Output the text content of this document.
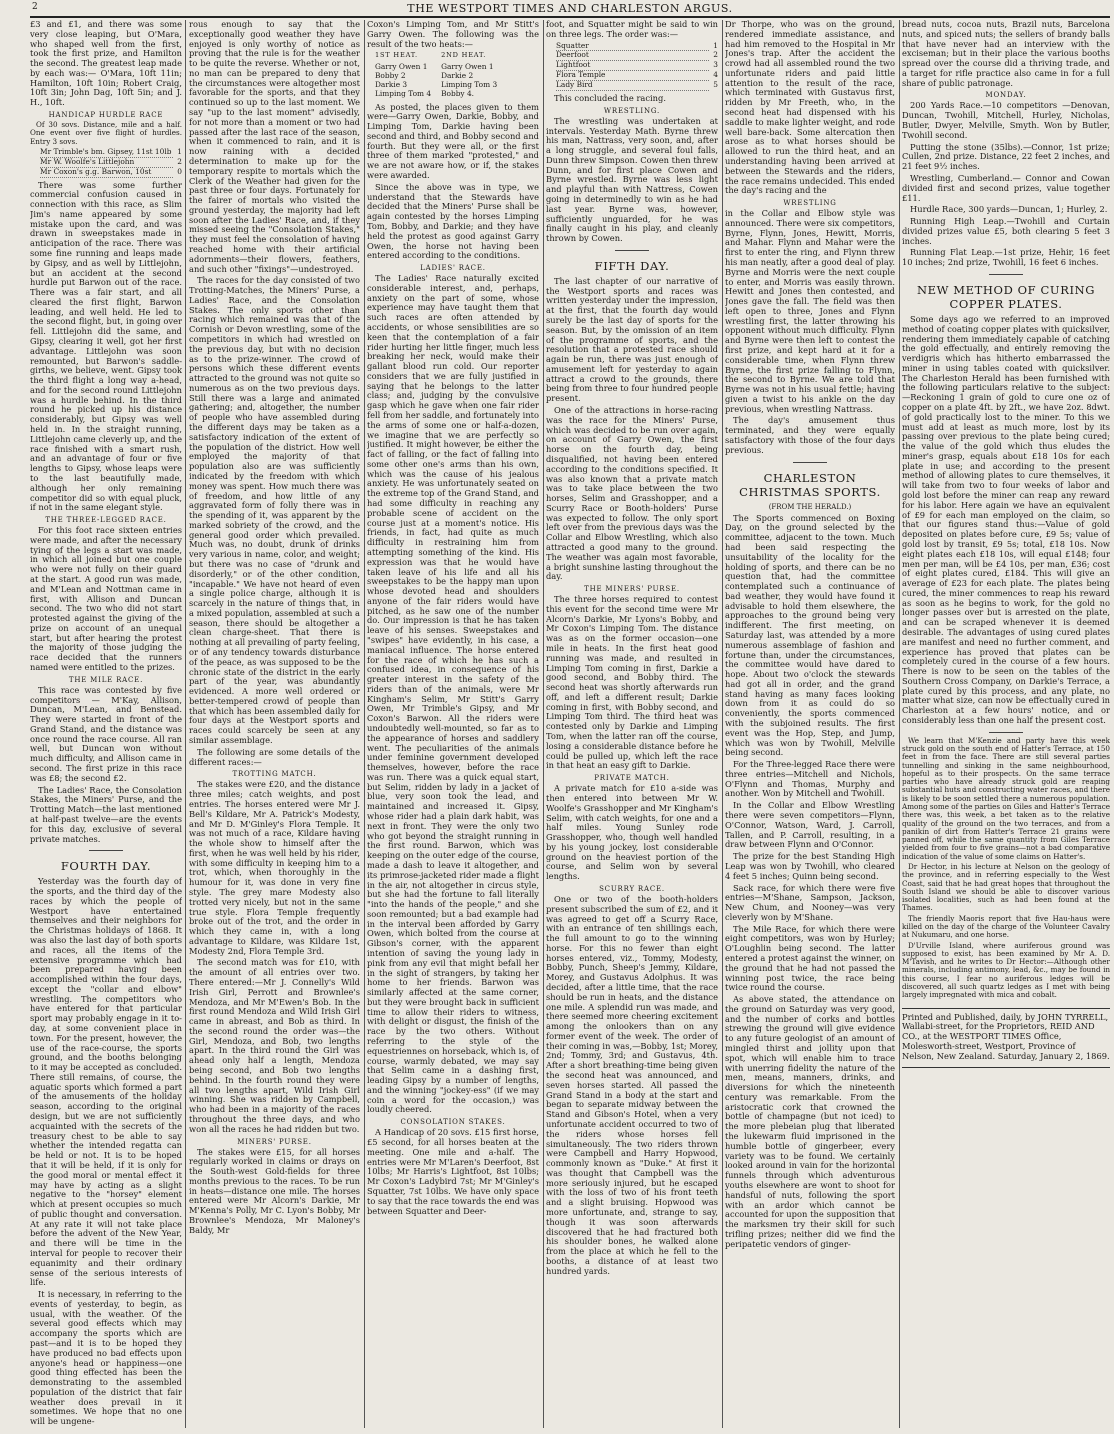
2	THE WESTPORT TIMES AND CHARLESTON ARGUS.

£3 and £1, and there was some very close leaping, but O'Mara, who shaped well from the first, took the first prize, and Hamilton the second. The greatest leap made by each was:— O'Mara, 10ft 11in; Hamilton, 10ft 10in; Robert Craig, 10ft 3in; John Dag, 10ft 5in; and J. H., 10ft.

HANDICAP HURDLE RACE

Of 30 sovs. Distance, mile and a half. One event over five flight of hurdles. Entry 3 sovs.

Mr Trimble's bm. Gipsey, 11st 10lb 1
Mr W. Woolfe's Littlejohn	2
Mr Coxon's g.g. Barwon, 10st	0

There was some further commercial confusion caused in connection with this race, as Slim Jim's name appeared by some mistake upon the card, and was drawn in sweepstakes made in anticipation of the race. There was some fine running and leaps made by Gipsy, and as well by Littlejohn, but an accident at the second hurdle put Barwon out of the race. There was a fair start, and all cleared the first flight, Barwon leading, and well held. He led to the second flight, but, in going over fell. Littlejohn did the same, and Gipsy, clearing it well, got her first advantage. Littlejohn was soon remounted, but Barwon's saddle-girths, we believe, went. Gipsy took the third flight a long way a-head, and for the second round Littlejohn was a hurdle behind. In the third round he picked up his distance considerably, but Gipsy was well held in. In the straight running, Littlejohn came cleverly up, and the race finished with a smart rush, and an advantage of four or five lengths to Gipsy, whose leaps were to the last beautifully made, although her only remaining competitor did so with equal pluck, if not in the same elegant style.

THE THREE-LEGGED RACE.

For this foot race sixteen entries were made, and after the necessary tying of the legs a start was made, in which all joined but one couple who were not fully on their guard at the start. A good run was made, and M'Lean and Nottman came in first, with Allison and Duncan second. The two who did not start protested against the giving of the prize on account of an unequal start, but after hearing the protest the majority of those judging the race decided that the runners named were entitled to the prizes.

THE MILE RACE.

This race was contested by five competitors — M'Kay, Allison, Duncan, M'Lean, and Benstead. They were started in front of the Grand Stand, and the distance was once round the race course. All ran well, but Duncan won without much difficulty, and Allison came in second. The first prize in this race was £8; the second £2.

The Ladies' Race, the Consolation Stakes, the Miners' Purse, and the Trotting Match—the last mentioned at half-past twelve—are the events for this day, exclusive of several private matches.

FOURTH DAY.

Yesterday was the fourth day of the sports, and the third day of the races by which the people of Westport have entertained themselves and their neighbors for the Christmas holidays of 1868. It was also the last day of both sports and races, all the items of the extensive programme which had been prepared having been accomplished within the four days, except the "collar and elbow" wrestling. The competitors who have entered for that particular sport may probably engage in it to-day, at some convenient place in town. For the present, however, the use of the race-course, the sports ground, and the booths belonging to it may be accepted as concluded. There still remains, of course, the aquatic sports which formed a part of the amusements of the holiday season, according to the original design, but we are not sufficiently acquainted with the secrets of the treasury chest to be able to say whether the intended regatta can be held or not. It is to be hoped that it will be held, if it is only for the good moral or mental effect it may have by acting as a slight negative to the "horsey" element which at present occupies so much of public thought and conversation. At any rate it will not take place before the advent of the New Year, and there will be time in the interval for people to recover their equanimity and their ordinary sense of the serious interests of life.

It is necessary, in referring to the events of yesterday, to begin, as usual, with the weather. Of the several good effects which may accompany the sports which are past—and it is to be hoped they have produced no bad effects upon anyone's head or happiness—one good thing effected has been the demonstrating to the assembled population of the district that fair weather does prevail in it sometimes. We hope that no one will be ungene-

rous enough to say that the exceptionally good weather they have enjoyed is only worthy of notice as proving that the rule is for the weather to be quite the reverse. Whether or not, no man can be prepared to deny that the circumstances were altogether most favorable for the sports, and that they continued so up to the last moment. We say "up to the last moment" advisedly, for not more than a moment or two had passed after the last race of the season, when it commenced to rain, and it is now raining with a decided determination to make up for the temporary respite to mortals which the Clerk of the Weather had given for the past three or four days. Fortunately for the fairer of mortals who visited the ground yesterday, the majority had left soon after the Ladies' Race, and, if they missed seeing the "Consolation Stakes," they must feel the consolation of having reached home with their artificial adornments—their flowers, feathers, and such other "fixings"—undestroyed.

The races for the day consisted of two Trotting-Matches, the Miners' Purse, a Ladies' Race, and the Consolation Stakes. The only sports other than racing which remained was that of the Cornish or Devon wrestling, some of the competitors in which had wrestled on the previous day, but with no decision as to the prize-winner. The crowd of persons which these different events attracted to the ground was not quite so numerous as on the two previous days. Still there was a large and animated gathering; and, altogether, the number of people who have assembled during the different days may be taken as a satisfactory indication of the extent of the population of the district. How well employed the majority of that population also are was sufficiently indicated by the freedom with which money was spent. How much there was of freedom, and how little of any aggravated form of folly there was in the spending of it, was apparent by the marked sobriety of the crowd, and the general good order which prevailed. Much was, no doubt, drunk of drinks very various in name, color, and weight; but there was no case of "drunk and disorderly," or of the other condition, "incapable." We have not heard of even a single police charge, although it is scarcely in the nature of things that, in a mixed population, assembled at such a season, there should be altogether a clean charge-sheet. That there is nothing at all prevailing of party feeling, or of any tendency towards disturbance of the peace, as was supposed to be the chronic state of the district in the early part of the year, was abundantly evidenced. A more well ordered or better-tempered crowd of people than that which has been assembled daily for four days at the Westport sports and races could scarcely be seen at any similar assemblage.

The following are some details of the different races:—

TROTTING MATCH.

The stakes were £20, and the distance three miles; catch weights, and post entries. The horses entered were Mr J. Bell's Kildare, Mr A. Patrick's Modesty, and Mr D. M'Ginley's Flora Temple. It was not much of a race, Kildare having the whole show to himself after the first, when he was well held by his rider, with some difficulty in keeping him to a trot, which, when thoroughly in the humour for it, was done in very fine style. The grey mare Modesty also trotted very nicely, but not in the same true style. Flora Temple frequently broke out of the trot, and the order in which they came in, with a long advantage to Kildare, was Kildare 1st, Modesty 2nd, Flora Temple 3rd.

The second match was for £10, with the amount of all entries over two. There entered:—Mr J. Connelly's Wild Irish Girl, Perrott and Brownlee's Mendoza, and Mr M'Ewen's Bob. In the first round Mendoza and Wild Irish Girl came in abreast, and Bob as third. In the second round the order was—the Girl, Mendoza, and Bob, two lengths apart. In the third round the Girl was ahead only half a length, Mendoza being second, and Bob two lengths behind. In the fourth round they were all two lengths apart, Wild Irish Girl winning. She was ridden by Campbell, who had been in a majority of the races throughout the three days, and who won all the races he had ridden but two.

MINERS' PURSE.

The stakes were £15, for all horses regularly worked in claims or drays on the South-west Gold-fields for three months previous to the races. To be run in heats—distance one mile. The horses entered were Mr Alcorn's Darkie, Mr M'Kenna's Polly, Mr C. Lyon's Bobby, Mr Brownlee's Mendoza, Mr Maloney's Baldy, Mr

Coxon's Limping Tom, and Mr Stitt's Garry Owen. The following was the result of the two heats:—

1ST HEAT.	2ND HEAT.
Garry Owen 1	Garry Owen 1
Bobby 2	Darkie 2
Darkie 3	Limping Tom 3
Limping Tom 4	Bobby 4.

As posted, the places given to them were—Garry Owen, Darkie, Bobby, and Limping Tom, Darkie having been second and third, and Bobby second and fourth. But they were all, or the first three of them marked "protested," and we are not aware how, or if, the stakes were awarded.

Since the above was in type, we understand that the Stewards have decided that the Miners' Purse shall be again contested by the horses Limping Tom, Bobby, and Darkie; and they have held the protest as good against Garry Owen, the horse not having been entered according to the conditions.

LADIES' RACE.

The Ladies' Race naturally excited considerable interest, and, perhaps, anxiety on the part of some, whose experience may have taught them that such races are often attended by accidents, or whose sensibilities are so keen that the contemplation of a fair rider hurting her little finger, much less breaking her neck, would make their gallant blood run cold. Our reporter considers that we are fully justified in saying that he belongs to the latter class; and, judging by the convulsive gasp which he gave when one fair rider fell from her saddle, and fortunately into the arms of some one or half-a-dozen, we imagine that we are perfectly so justified. It might however, be either the fact of falling, or the fact of falling into some other one's arms than his own, which was the cause of his jealous anxiety. He was unfortunately seated on the extreme top of the Grand Stand, and had some difficulty in reaching any probable scene of accident on the course just at a moment's notice. His friends, in fact, had quite as much difficulty in restraining him from attempting something of the kind. His expression was that he would have taken leave of his life and all his sweepstakes to be the happy man upon whose devoted head and shoulders anyone of the fair riders would have pitched, as he saw one of the number do. Our impression is that he has taken leave of his senses. Sweepstakes and "swipes" have evidently, in his case, a maniacal influence. The horse entered for the race of which he has such a confused idea, in consequence of his greater interest in the safety of the riders than of the animals, were Mr Kingham's Selim, Mr Stitt's Garry Owen, Mr Trimble's Gipsy, and Mr Coxon's Barwon. All the riders were undoubtedly well-mounted, so far as to the appearance of horses and saddlery went. The peculiarities of the animals under feminine government developed themselves, however, before the race was run. There was a quick equal start, but Selim, ridden by lady in a jacket of blue, very soon took the lead, and maintained and increased it. Gipsy, whose rider had a plain dark habit, was next in front. They were the only two who got beyond the straight running in the first round. Barwon, which was keeping on the outer edge of the course, made a dash to leave it altogether, and its primrose-jacketed rider made a flight in the air, not altogether in circus style, but she had the fortune to fall literally "into the hands of the people," and she soon remounted; but a bad example had in the interval been afforded by Garry Owen, which bolted from the course at Gibson's corner, with the apparent intention of saving the young lady in pink from any evil that might befall her in the sight of strangers, by taking her home to her friends. Barwon was similarly affected at the same corner, but they were brought back in sufficient time to allow their riders to witness, with delight or disgust, the finish of the race by the two others. Without referring to the style of the equestriennes on horseback, which is, of course, warmly debated, we may say that Selim came in a dashing first, leading Gipsy by a number of lengths, and the winning "jockey-ess" (if we may coin a word for the occasion,) was loudly cheered.

CONSOLATION STAKES.

A Handicap of 20 sovs. £15 first horse, £5 second, for all horses beaten at the meeting. One mile and a-half. The entries were Mr M'Laren's Deerfoot, 8st 10lbs; Mr Harris's Lightfoot, 8st 10lbs; Mr Coxon's Ladybird 7st; Mr M'Ginley's Squatter, 7st 10lbs. We have only space to say that the race towards the end was between Squatter and Deer-

foot, and Squatter might be said to win on three legs. The order was:—

Squatter	1
Deerfoot	2
Lightfoot	3
Flora Temple	4
Lady Bird	5

This concluded the racing.

WRESTLING.

The wrestling was undertaken at intervals. Yesterday Math. Byrne threw his man, Nattrass, very soon, and, after a long struggle, and several foul falls, Dunn threw Simpson. Cowen then threw Dunn, and for first place Cowen and Byrne wrestled. Byrne was less light and playful than with Nattress, Cowen going in determinedly to win as he had last year. Byrne was, however, sufficiently unguarded, for he was finally caught in his play, and cleanly thrown by Cowen.

FIFTH DAY.

The last chapter of our narrative of the Westport sports and races was written yesterday under the impression, at the first, that the fourth day would surely be the last day of sports for the season. But, by the omission of an item of the programme of sports, and the resolution that a protested race should again be run, there was just enough of amusement left for yesterday to again attract a crowd to the grounds, there being from three to four hundred people present.

One of the attractions in horse-racing was the race for the Miners' Purse, which was decided to be run over again, on account of Garry Owen, the first horse on the fourth day, being disqualified, not having been entered according to the conditions specified. It was also known that a private match was to take place between the two horses, Selim and Grasshopper, and a Scurry Race or Booth-holders' Purse was expected to follow. The only sport left over from the previous days was the Collar and Elbow Wrestling, which also attracted a good many to the ground. The weather was again most favorable, a bright sunshine lasting throughout the day.

THE MINERS' PURSE.

The three horses required to contest this event for the second time were Mr Alcorn's Darkie, Mr Lyons's Bobby, and Mr Coxon's Limping Tom. The distance was as on the former occasion—one mile in heats. In the first heat good running was made, and resulted in Limping Tom coming in first, Darkie a good second, and Bobby third. The second heat was shortly afterwards run off, and left a different result; Darkie coming in first, with Bobby second, and Limping Tom third. The third heat was contested only by Darkie and Limping Tom, when the latter ran off the course, losing a considerable distance before he could be pulled up, which left the race in that heat an easy gift to Darkie.

PRIVATE MATCH.

A private match for £10 a-side was then entered into between Mr W. Woolfe's Grasshopper and Mr Kingham's Selim, with catch weights, for one and a half miles. Young Sunley rode Grasshopper, who, though well handled by his young jockey, lost considerable ground on the heaviest portion of the course, and Selim won by several lengths.

SCURRY RACE.

One or two of the booth-holders present subscribed the sum of £2, and it was agreed to get off a Scurry Race, with an entrance of ten shillings each, the full amount to go to the winning horse. For this no fewer than eight horses entered, viz., Tommy, Modesty, Bobby, Punch, Sheep's Jemmy, Kildare, Morey, and Gustavus Adolphus. It was decided, after a little time, that the race should be run in heats, and the distance one mile. A splendid run was made, and there seemed more cheering excitement among the onlookers than on any former event of the week. The order of their coming in was,—Bobby, 1st; Morey, 2nd; Tommy, 3rd; and Gustavus, 4th. After a short breathing-time being given the second heat was announced, and seven horses started. All passed the Grand Stand in a body at the start and began to separate midway between the Stand and Gibson's Hotel, when a very unfortunate accident occurred to two of the riders whose horses fell simultaneously. The two riders thrown were Campbell and Harry Hopwood, commonly known as "Duke." At first it was thought that Campbell was the more seriously injured, but he escaped with the loss of two of his front teeth and a slight bruising. Hopwood was more unfortunate, and, strange to say, though it was soon afterwards discovered that he had fractured both his shoulder bones, he walked alone from the place at which he fell to the booths, a distance of at least two hundred yards.

Dr Thorpe, who was on the ground, rendered immediate assistance, and had him removed to the Hospital in Mr Jones's trap. After the accident the crowd had all assembled round the two unfortunate riders and paid little attention to the result of the race, which terminated with Gustavus first, ridden by Mr Freeth, who, in the second heat had dispensed with his saddle to make lighter weight, and rode well bare-back. Some altercation then arose as to what horses should be allowed to run the third heat, and an understanding having been arrived at between the Stewards and the riders, the race remains undecided. This ended the day's racing and the

WRESTLING

in the Collar and Elbow style was announced. There were six competitors, Byrne, Flynn, Jones, Hewitt, Morris, and Mahar. Flynn and Mahar were the first to enter the ring, and Flynn threw his man neatly, after a good deal of play. Byrne and Morris were the next couple to enter, and Morris was easily thrown. Hewitt and Jones then contested, and Jones gave the fall. The field was then left open to three, Jones and Flynn wrestling first, the latter throwing his opponent without much difficulty. Flynn and Byrne were then left to contest the first prize, and kept hard at it for a considerable time, when Flynn threw Byrne, the first prize falling to Flynn, the second to Byrne. We are told that Byrne was not in his usual fettle; having given a twist to his ankle on the day previous, when wrestling Nattrass.

The day's amusement thus terminated, and they were equally satisfactory with those of the four days previous.

CHARLESTON CHRISTMAS SPORTS.
(FROM THE HERALD.)

The Sports commenced on Boxing Day, on the ground selected by the committee, adjacent to the town. Much had been said respecting the unsuitability of the locality for the holding of sports, and there can be no question that, had the committee contemplated such a continuance of bad weather, they would have found it advisable to hold them elsewhere, the approaches to the ground being very indifferent. The first meeting, on Saturday last, was attended by a more numerous assemblage of fashion and fortune than, under the circumstances, the committee would have dared to hope. About two o'clock the stewards had got all in order, and the grand stand having as many faces looking down from it as could do so conveniently, the sports commenced with the subjoined results. The first event was the Hop, Step, and Jump, which was won by Twohill, Melville being second.

For the Three-legged Race there were three entries—Mitchell and Nichols, O'Flynn and Thomas, Murphy and another. Won by Mitchell and Twohill.

In the Collar and Elbow Wrestling there were seven competitors—Flynn, O'Connor, Watson, Ward, J. Carroll, Tallen, and P. Carroll, resulting, in a draw between Flynn and O'Connor.

The prize for the best Standing High Leap was won by Twohill, who cleared 4 feet 5 inches; Quinn being second.

Sack race, for which there were five entries—M'Shane, Sampson, Jackson, New Chum, and Nooney—was very cleverly won by M'Shane.

The Mile Race, for which there were eight competitors, was won by Hurley; O'Loughlin being second. The latter entered a protest against the winner, on the ground that he had not passed the winning post twice, the race being twice round the course.

As above stated, the attendance on the ground on Saturday was very good, and the number of corks and bottles strewing the ground will give evidence to any future geologist of an amount of mingled thirst and jollity upon that spot, which will enable him to trace with unerring fidelity the nature of the men, means, manners, drinks, and diversions for which the nineteenth century was remarkable. From the aristocratic cork that crowned the bottle of champagne (but not iced) to the more plebeian plug that liberated the lukewarm fluid imprisoned in the humble bottle of gingerbeer, every variety was to be found. We certainly looked around in vain for the horizontal funnels through which adventurous youths elsewhere are wont to shoot for handsful of nuts, following the sport with an ardor which cannot be accounted for upon the supposition that the marksmen try their skill for such trifling prizes; neither did we find the peripatetic vendors of ginger-

bread nuts, cocoa nuts, Brazil nuts, Barcelona nuts, and spiced nuts; the sellers of brandy balls that have never had an interview with the exciseman; but in their place the various booths spread over the course did a thriving trade, and a target for rifle practice also came in for a full share of public patronage.

MONDAY.

200 Yards Race.—10 competitors —Denovan, Duncan, Twohill, Mitchell, Hurley, Nicholas, Butler, Dwyer, Melville, Smyth. Won by Butler, Twohill second.

Putting the stone (35lbs).—Connor, 1st prize; Cullen, 2nd prize. Distance, 22 feet 2 inches, and 21 feet 9½ inches.

Wrestling, Cumberland.— Connor and Cowan divided first and second prizes, value together £11.

Hurdle Race, 300 yards—Duncan, 1; Hurley, 2.

Running High Leap.—Twohill and Curtain divided prizes value £5, both clearing 5 feet 3 inches.

Running Flat Leap.—1st prize, Hehir, 16 feet 10 inches; 2nd prize, Twohill, 16 feet 6 inches.

NEW METHOD OF CURING COPPER PLATES.

Some days ago we referred to an improved method of coating copper plates with quicksilver, rendering them immediately capable of catching the gold effectually, and entirely removing the verdigris which has hitherto embarrassed the miner in using tables coated with quicksilver. The Charleston Herald has been furnished with the following particulars relative to the subject:—Reckoning 1 grain of gold to cure one oz of copper on a plate 4ft. by 2ft., we have 2oz. 8dwt. of gold practically lost to the miner. To this we must add at least as much more, lost by its passing over previous to the plate being cured; the value of the gold which thus eludes the miner's grasp, equals about £18 10s for each plate in use; and according to the present method of allowing plates to cure themselves, it will take from two to four weeks of labor and gold lost before the miner can reap any reward for his labor. Here again we have an equivalent of £9 for each man employed on the claim, so that our figures stand thus:—Value of gold deposited on plates before cure, £9 5s; value of gold lost by transit, £9 5s; total, £18 10s. Now eight plates each £18 10s, will equal £148; four men per man, will be £4 10s, per man, £36; cost of eight plates cured, £184. This will give an average of £23 for each plate. The plates being cured, the miner commences to reap his reward as soon as he begins to work, for the gold no longer passes over but is arrested on the plate, and can be scraped whenever it is deemed desirable. The advantages of using cured plates are manifest and need no further comment, and experience has proved that plates can be completely cured in the course of a few hours. There is now to be seen on the tables of the Southern Cross Company, on Darkie's Terrace, a plate cured by this process, and any plate, no matter what size, can now be effectually cured in Charleston at a few hours' notice, and or considerably less than one half the present cost.

We learn that M'Kenzie and party have this week struck gold on the south end of Hatter's Terrace, at 150 feet in from the face. There are still several parties tunnelling and sinking in the same neighbourhood, hopeful as to their prospects. On the same terrace parties who have already struck gold are reaping substantial huts and constructing water races, and there is likely to be soon settled there a numerous population. Among some of the parties on Giles and Hatter's Terrace there was, this week, a bet taken as to the relative quality of the ground on the two terraces, and from a panikin of dirt from Hatter's Terrace 21 grains were panned off, while the same quantity from Giles Terrace yielded from four to five grains—not a bad comparative indication of the value of some claims on Hatter's.

Dr Hector, in his lecture at Nelson on the geology of the province, and in referring especially to the West Coast, said that he had great hopes that throughout the South Island we should be able to discover various isolated localities, such as had been found at the Thames.

The friendly Maoris report that five Hau-haus were killed on the day of the charge of the Volunteer Cavalry at Nukumaru, and one horse.

D'Urville Island, where auriferous ground was supposed to exist, has been examined by Mr A. D. M'Tavish, and he writes to Dr Hector:—Although other minerals, including antimony, lead, &c., may be found in this course, I fear no auriferous ledges will be discovered, all such quartz ledges as I met with being largely impregnated with mica and cobalt.

Printed and Published, daily, by JOHN TYRRELL, Wallabi-street, for the Proprietors, REID AND CO., at the WESTPORT TIMES Office, Molesworth-street, Westport, Province of Nelson, New Zealand. Saturday, January 2, 1869.
